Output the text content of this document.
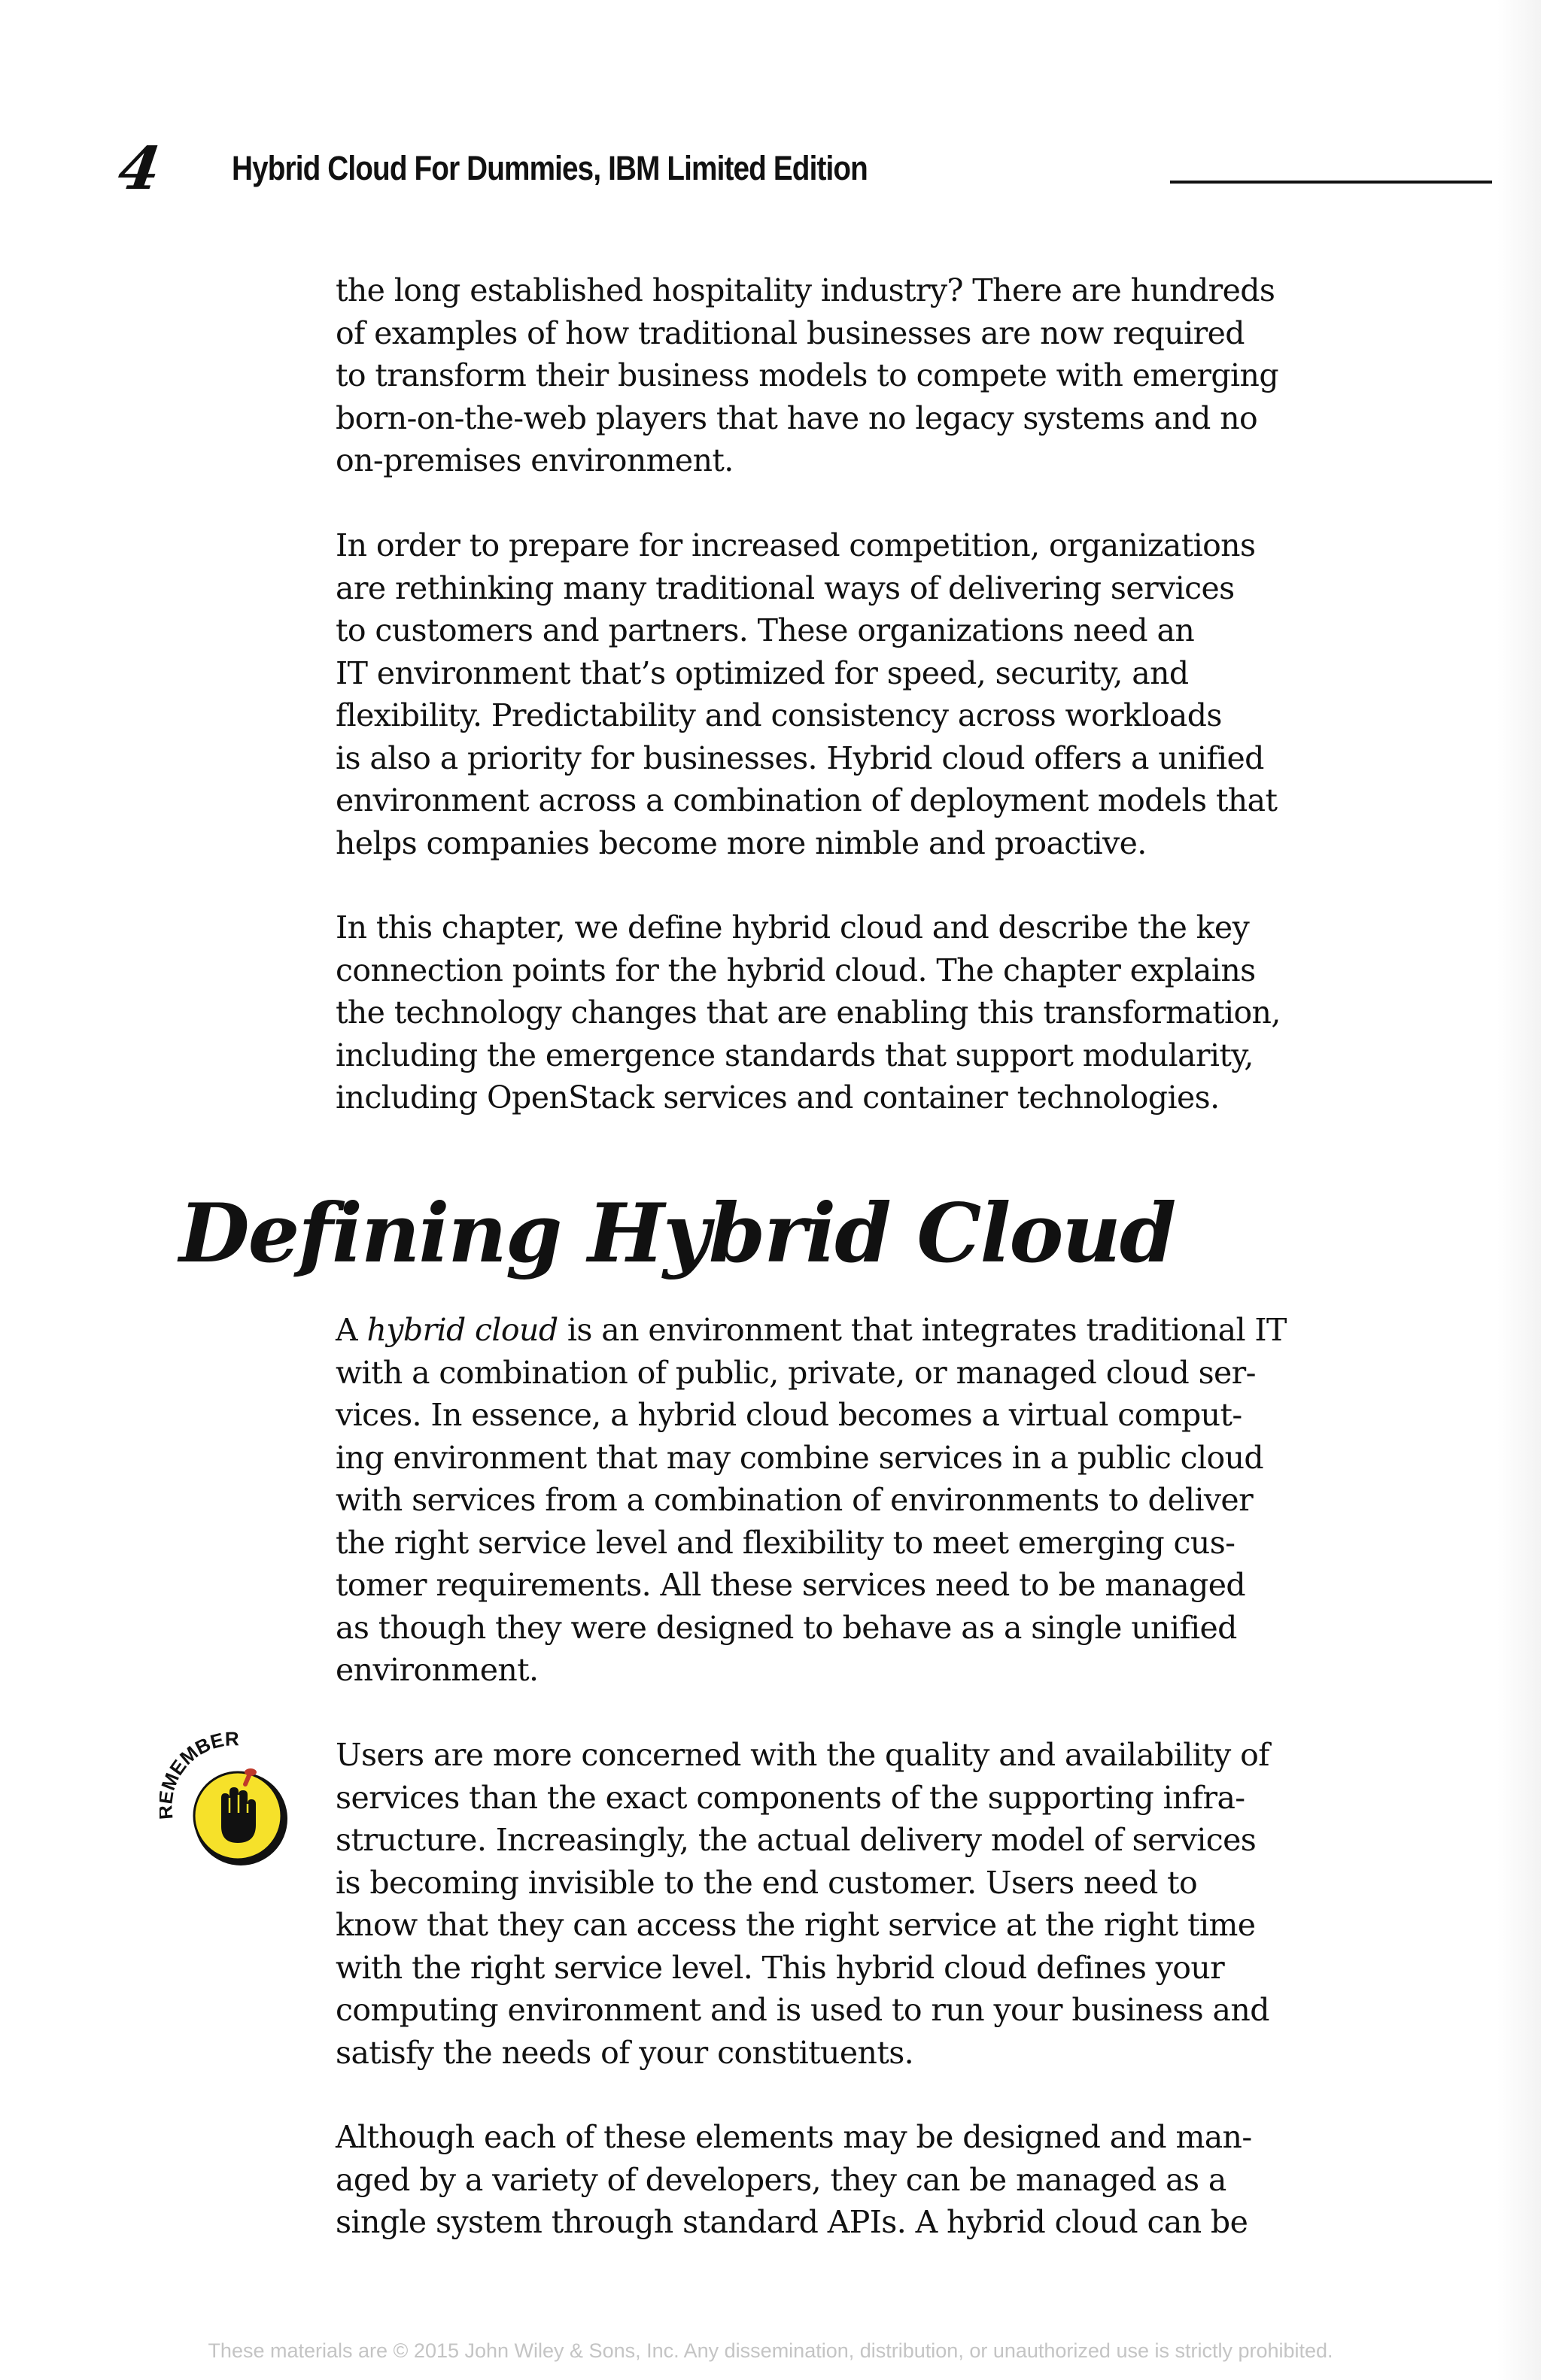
4 Hybrid Cloud For Dummies, IBM Limited Edition

the long established hospitality industry? There are hundreds
of examples of how traditional businesses are now required
to transform their business models to compete with emerging
born-on-the-web players that have no legacy systems and no
on-premises environment.

In order to prepare for increased competition, organizations
are rethinking many traditional ways of delivering services
to customers and partners. These organizations need an
IT environment that’s optimized for speed, security, and
flexibility. Predictability and consistency across workloads
is also a priority for businesses. Hybrid cloud offers a unified
environment across a combination of deployment models that
helps companies become more nimble and proactive.

In this chapter, we define hybrid cloud and describe the key
connection points for the hybrid cloud. The chapter explains
the technology changes that are enabling this transformation,
including the emergence standards that support modularity,
including OpenStack services and container technologies.

Defining Hybrid Cloud

A hybrid cloud is an environment that integrates traditional IT
with a combination of public, private, or managed cloud ser-
vices. In essence, a hybrid cloud becomes a virtual comput-
ing environment that may combine services in a public cloud
with services from a combination of environments to deliver
the right service level and flexibility to meet emerging cus-
tomer requirements. All these services need to be managed
as though they were designed to behave as a single unified
environment.

EMBER	Users are more concerned with the quality and availability of
services than the exact components of the supporting infra-
structure. Increasingly, the actual delivery model of services
is becoming invisible to the end customer. Users need to
know that they can access the right service at the right time
with the right service level. This hybrid cloud defines your
computing environment and is used to run your business and
satisfy the needs of your constituents.

Although each of these elements may be designed and man-
aged by a variety of developers, they can be managed as a
single system through standard APIs. A hybrid cloud can be

These materials are © 2015 John Wiley & Sons, Inc. Any dissemination, distribution, or unauthorized use is strictly prohibited.
